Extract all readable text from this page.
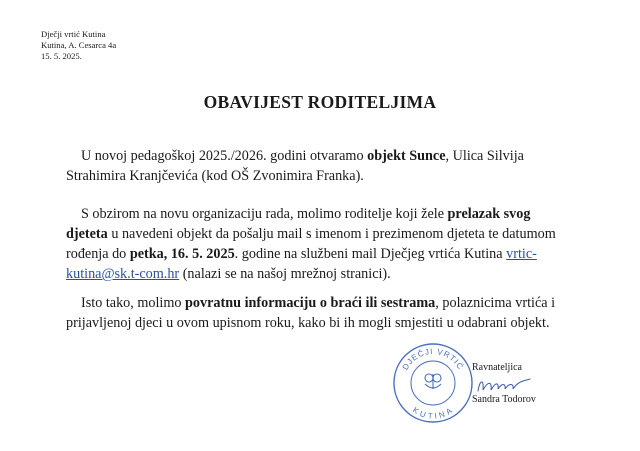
Dječji vrtić Kutina
Kutina, A. Cesarca 4a
15. 5. 2025.
OBAVIJEST RODITELJIMA
U novoj pedagoškoj 2025./2026. godini otvaramo objekt Sunce, Ulica Silvija Strahimira Kranjčevića (kod OŠ Zvonimira Franka).
S obzirom na novu organizaciju rada, molimo roditelje koji žele prelazak svog djeteta u navedeni objekt da pošalju mail s imenom i prezimenom djeteta te datumom rođenja do petka, 16. 5. 2025. godine na službeni mail Dječjeg vrtića Kutina vrtic-kutina@sk.t-com.hr (nalazi se na našoj mrežnoj stranici).
Isto tako, molimo povratnu informaciju o braći ili sestrama, polaznicima vrtića i prijavljenoj djeci u ovom upisnom roku, kako bi ih mogli smjestiti u odabrani objekt.
DJEČJI VRTIĆ
KUTINA
Ravnateljica
Sandra Todorov
